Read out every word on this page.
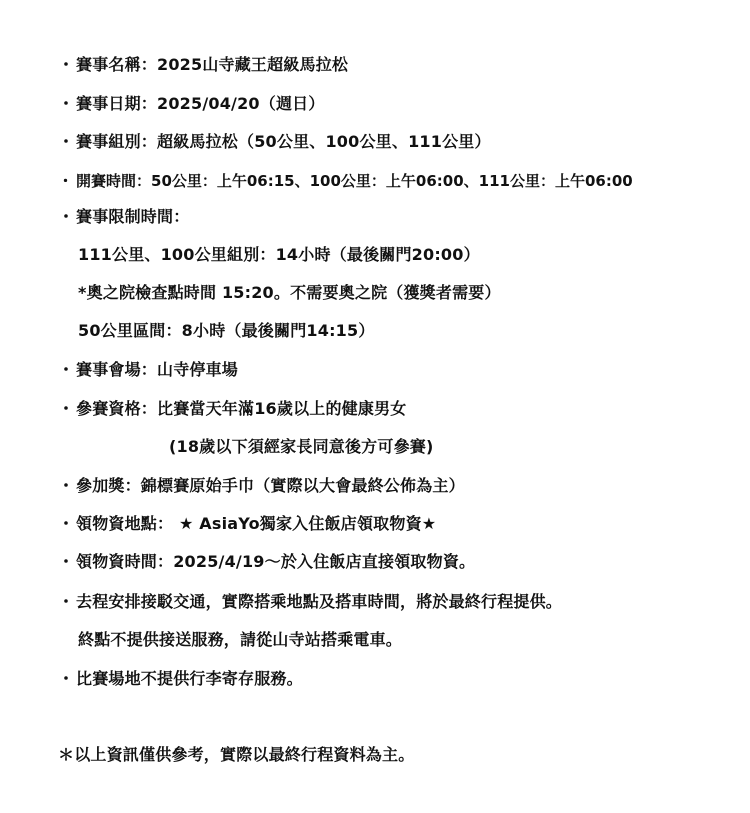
・ 賽事名稱：2025山寺藏王超級馬拉松
・ 賽事日期：2025/04/20（週日）
・ 賽事組別：超級馬拉松（50公里、100公里、111公里）
・ 開賽時間：50公里：上午06:15、100公里：上午06:00、111公里：上午06:00
・ 賽事限制時間：
111公里、100公里組別：14小時（最後關門20:00）
*奧之院檢查點時間 15:20。不需要奧之院（獲獎者需要）
50公里區間：8小時（最後關門14:15）
・ 賽事會場：山寺停車場
・ 參賽資格：比賽當天年滿16歲以上的健康男女
(18歲以下須經家長同意後方可參賽)
・ 參加獎：錦標賽原始手巾（實際以大會最終公佈為主）
・ 領物資地點： ★ AsiaYo獨家入住飯店領取物資★
・ 領物資時間：2025/4/19～於入住飯店直接領取物資。
・ 去程安排接駁交通，實際搭乘地點及搭車時間，將於最終行程提供。
終點不提供接送服務，請從山寺站搭乘電車。
・ 比賽場地不提供行李寄存服務。
＊以上資訊僅供參考，實際以最終行程資料為主。
